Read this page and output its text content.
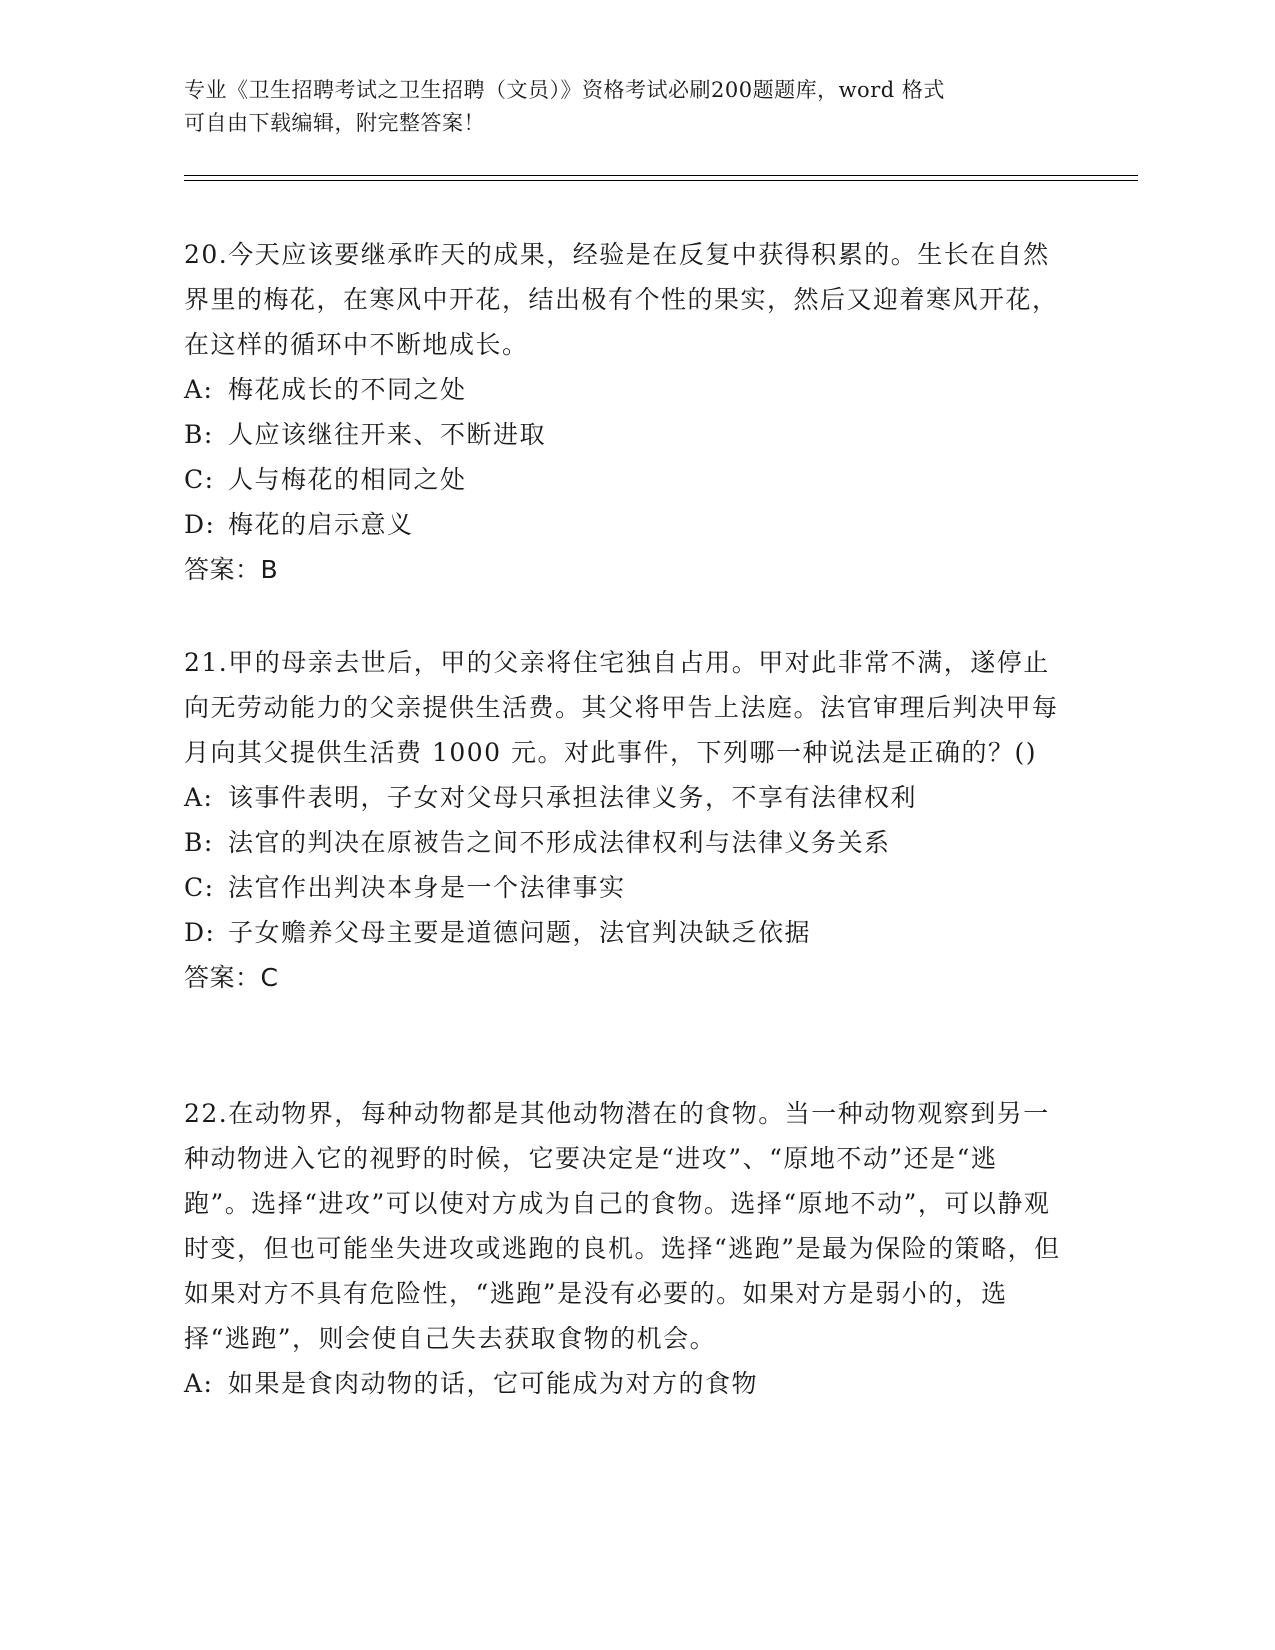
专业《卫生招聘考试之卫生招聘（文员）》资格考试必刷200题题库，word 格式
可自由下载编辑，附完整答案！

20.今天应该要继承昨天的成果，经验是在反复中获得积累的。生长在自然界里的梅花，在寒风中开花，结出极有个性的果实，然后又迎着寒风开花，在这样的循环中不断地成长。

A: 梅花成长的不同之处

B: 人应该继往开来、不断进取

C: 人与梅花的相同之处

D: 梅花的启示意义

答案：B

21.甲的母亲去世后，甲的父亲将住宅独自占用。甲对此非常不满，遂停止向无劳动能力的父亲提供生活费。其父将甲告上法庭。法官审理后判决甲每月向其父提供生活费 1000 元。对此事件，下列哪一种说法是正确的？()

A: 该事件表明，子女对父母只承担法律义务，不享有法律权利

B: 法官的判决在原被告之间不形成法律权利与法律义务关系

C: 法官作出判决本身是一个法律事实

D: 子女赡养父母主要是道德问题，法官判决缺乏依据

答案：C

22.在动物界，每种动物都是其他动物潜在的食物。当一种动物观察到另一种动物进入它的视野的时候，它要决定是“进攻”、“原地不动”还是“逃跑”。选择“进攻”可以使对方成为自己的食物。选择“原地不动”，可以静观时变，但也可能坐失进攻或逃跑的良机。选择“逃跑”是最为保险的策略，但如果对方不具有危险性，“逃跑”是没有必要的。如果对方是弱小的，选择“逃跑”，则会使自己失去获取食物的机会。

A: 如果是食肉动物的话，它可能成为对方的食物
